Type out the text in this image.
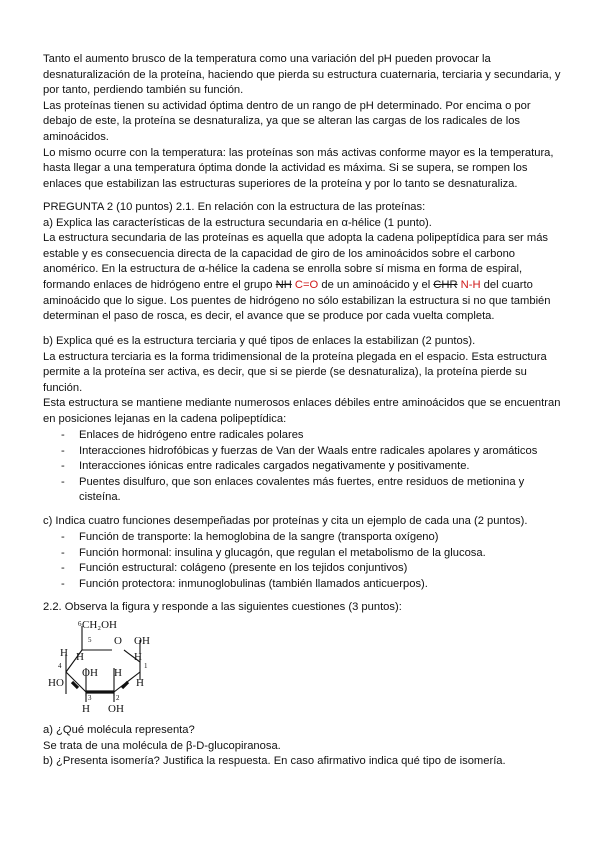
Tanto el aumento brusco de la temperatura como una variación del pH pueden provocar la
desnaturalización de la proteína, haciendo que pierda su estructura cuaternaria, terciaria y secundaria, y
por tanto, perdiendo también su función.
Las proteínas tienen su actividad óptima dentro de un rango de pH determinado. Por encima o por
debajo de este, la proteína se desnaturaliza, ya que se alteran las cargas de los radicales de los
aminoácidos.
Lo mismo ocurre con la temperatura: las proteínas son más activas conforme mayor es la temperatura,
hasta llegar a una temperatura óptima donde la actividad es máxima. Si se supera, se rompen los
enlaces que estabilizan las estructuras superiores de la proteína y por lo tanto se desnaturaliza.

PREGUNTA 2 (10 puntos) 2.1. En relación con la estructura de las proteínas:
a) Explica las características de la estructura secundaria en α-hélice (1 punto).
La estructura secundaria de las proteínas es aquella que adopta la cadena polipeptídica para ser más
estable y es consecuencia directa de la capacidad de giro de los aminoácidos sobre el carbono
anomérico. En la estructura de α-hélice la cadena se enrolla sobre sí misma en forma de espiral,
formando enlaces de hidrógeno entre el grupo NH C=O de un aminoácido y el CHR N-H del cuarto
aminoácido que lo sigue. Los puentes de hidrógeno no sólo estabilizan la estructura si no que también
determinan el paso de rosca, es decir, el avance que se produce por cada vuelta completa.

b) Explica qué es la estructura terciaria y qué tipos de enlaces la estabilizan (2 puntos).
La estructura terciaria es la forma tridimensional de la proteína plegada en el espacio. Esta estructura
permite a la proteína ser activa, es decir, que si se pierde (se desnaturaliza), la proteína pierde su
función.
Esta estructura se mantiene mediante numerosos enlaces débiles entre aminoácidos que se encuentran
en posiciones lejanas en la cadena polipeptídica:

- Enlaces de hidrógeno entre radicales polares
- Interacciones hidrofóbicas y fuerzas de Van der Waals entre radicales apolares y aromáticos
- Interacciones iónicas entre radicales cargados negativamente y positivamente.
- Puentes disulfuro, que son enlaces covalentes más fuertes, entre residuos de metionina y
cisteína.

c) Indica cuatro funciones desempeñadas por proteínas y cita un ejemplo de cada una (2 puntos).

- Función de transporte: la hemoglobina de la sangre (transporta oxígeno)
- Función hormonal: insulina y glucagón, que regulan el metabolismo de la glucosa.
- Función estructural: colágeno (presente en los tejidos conjuntivos)
- Función protectora: inmunoglobulinas (también llamados anticuerpos).

2.2. Observa la figura y responde a las siguientes cuestiones (3 puntos):

6 CH₂OH
5 O OH
H
H
4
OH H
H
1
HO	H
3	2
H OH

a) ¿Qué molécula representa?
Se trata de una molécula de β-D-glucopiranosa.
b) ¿Presenta isomería? Justifica la respuesta. En caso afirmativo indica qué tipo de isomería.
